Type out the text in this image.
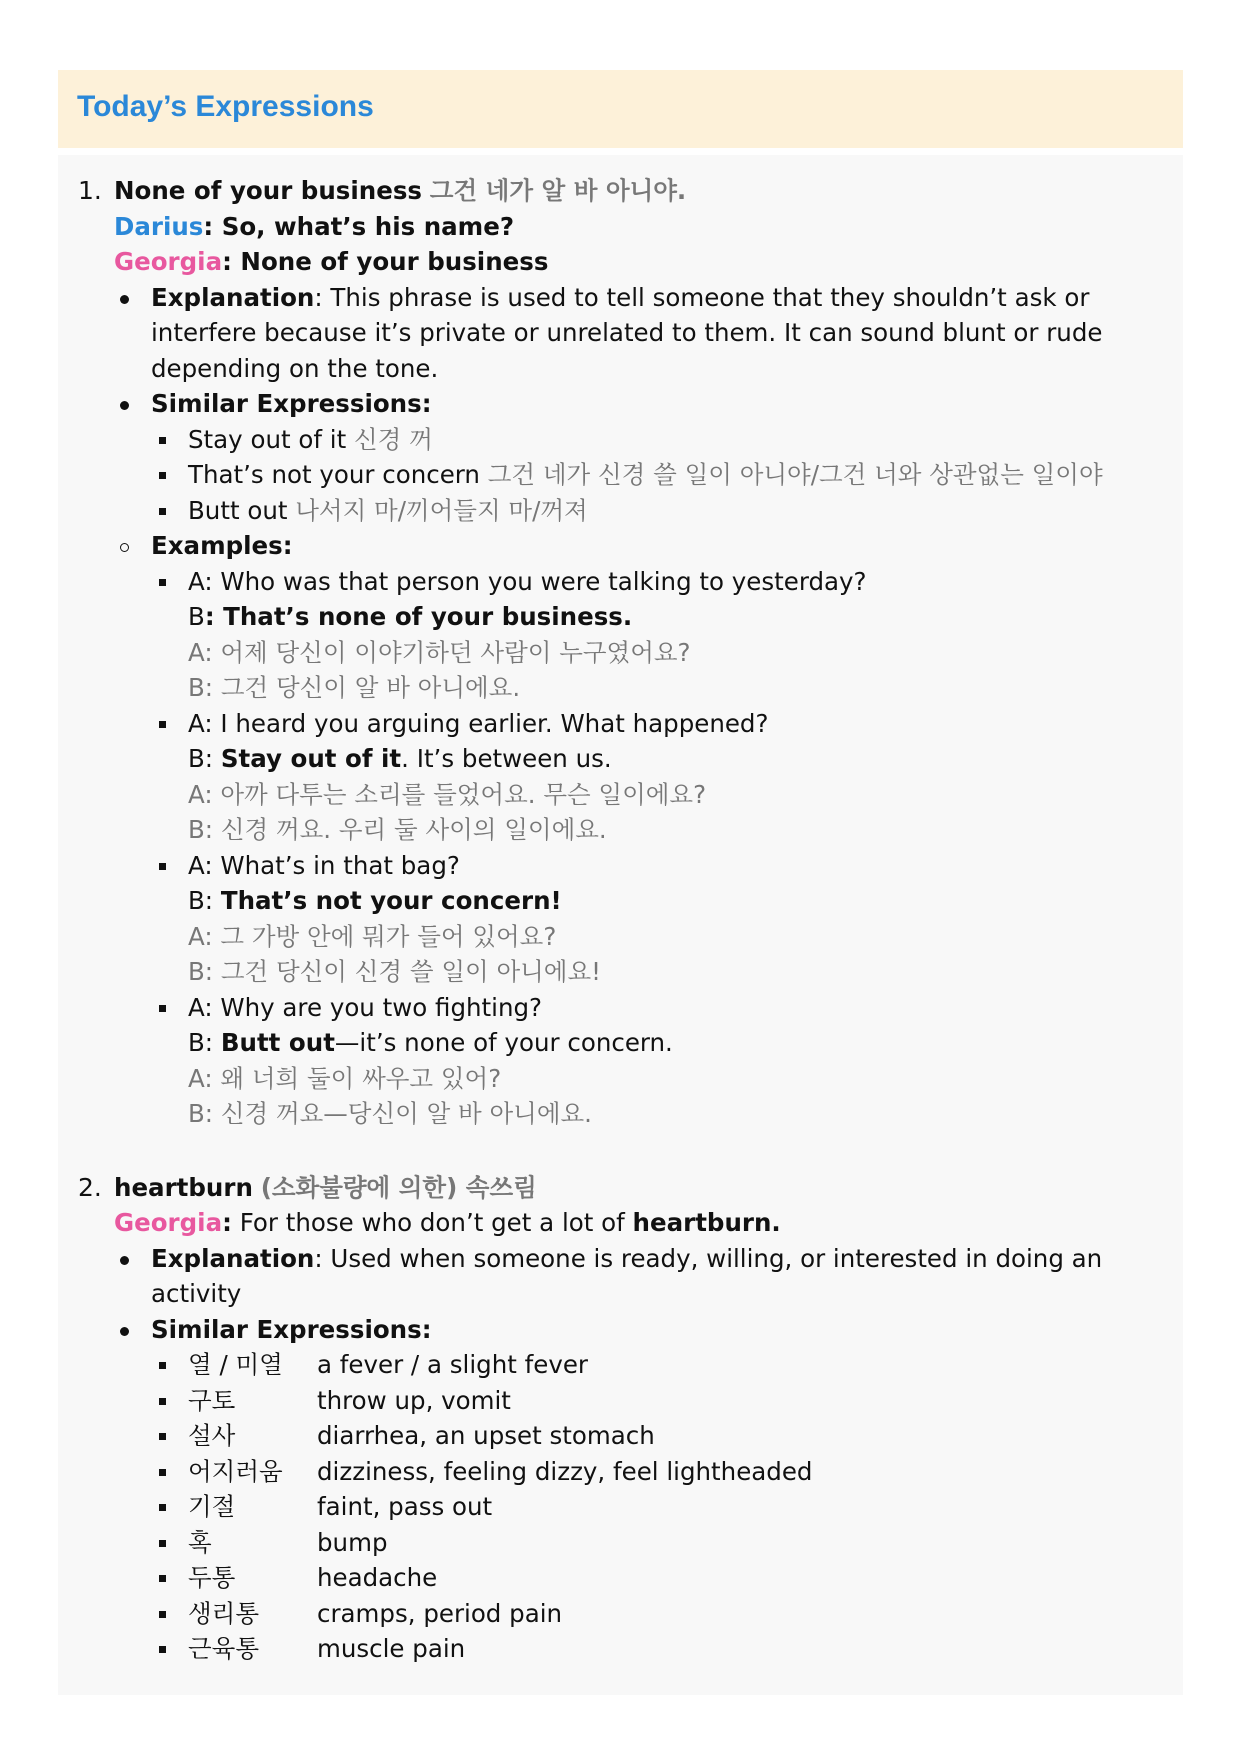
Today’s Expressions
1. None of your business 그건 네가 알 바 아니야.
Darius: So, what’s his name?
Georgia: None of your business
Explanation: This phrase is used to tell someone that they shouldn’t ask or interfere because it’s private or unrelated to them. It can sound blunt or rude depending on the tone.
Similar Expressions:
Stay out of it 신경 꺼
That’s not your concern 그건 네가 신경 쓸 일이 아니야/그건 너와 상관없는 일이야
Butt out 나서지 마/끼어들지 마/꺼져
Examples:
A: Who was that person you were talking to yesterday?
B: That’s none of your business.
A: 어제 당신이 이야기하던 사람이 누구였어요?
B: 그건 당신이 알 바 아니에요.
A: I heard you arguing earlier. What happened?
B: Stay out of it. It’s between us.
A: 아까 다투는 소리를 들었어요. 무슨 일이에요?
B: 신경 꺼요. 우리 둘 사이의 일이에요.
A: What’s in that bag?
B: That’s not your concern!
A: 그 가방 안에 뭐가 들어 있어요?
B: 그건 당신이 신경 쓸 일이 아니에요!
A: Why are you two fighting?
B: Butt out—it’s none of your concern.
A: 왜 너희 둘이 싸우고 있어?
B: 신경 꺼요—당신이 알 바 아니에요.
2. heartburn (소화불량에 의한) 속쓰림
Georgia: For those who don’t get a lot of heartburn.
Explanation: Used when someone is ready, willing, or interested in doing an activity
Similar Expressions:
열 / 미열 a fever / a slight fever
구토	throw up, vomit
설사	diarrhea, an upset stomach
어지러움 dizziness, feeling dizzy, feel lightheaded
기절	faint, pass out
혹	bump
두통	headache
생리통 cramps, period pain
근육통 muscle pain
